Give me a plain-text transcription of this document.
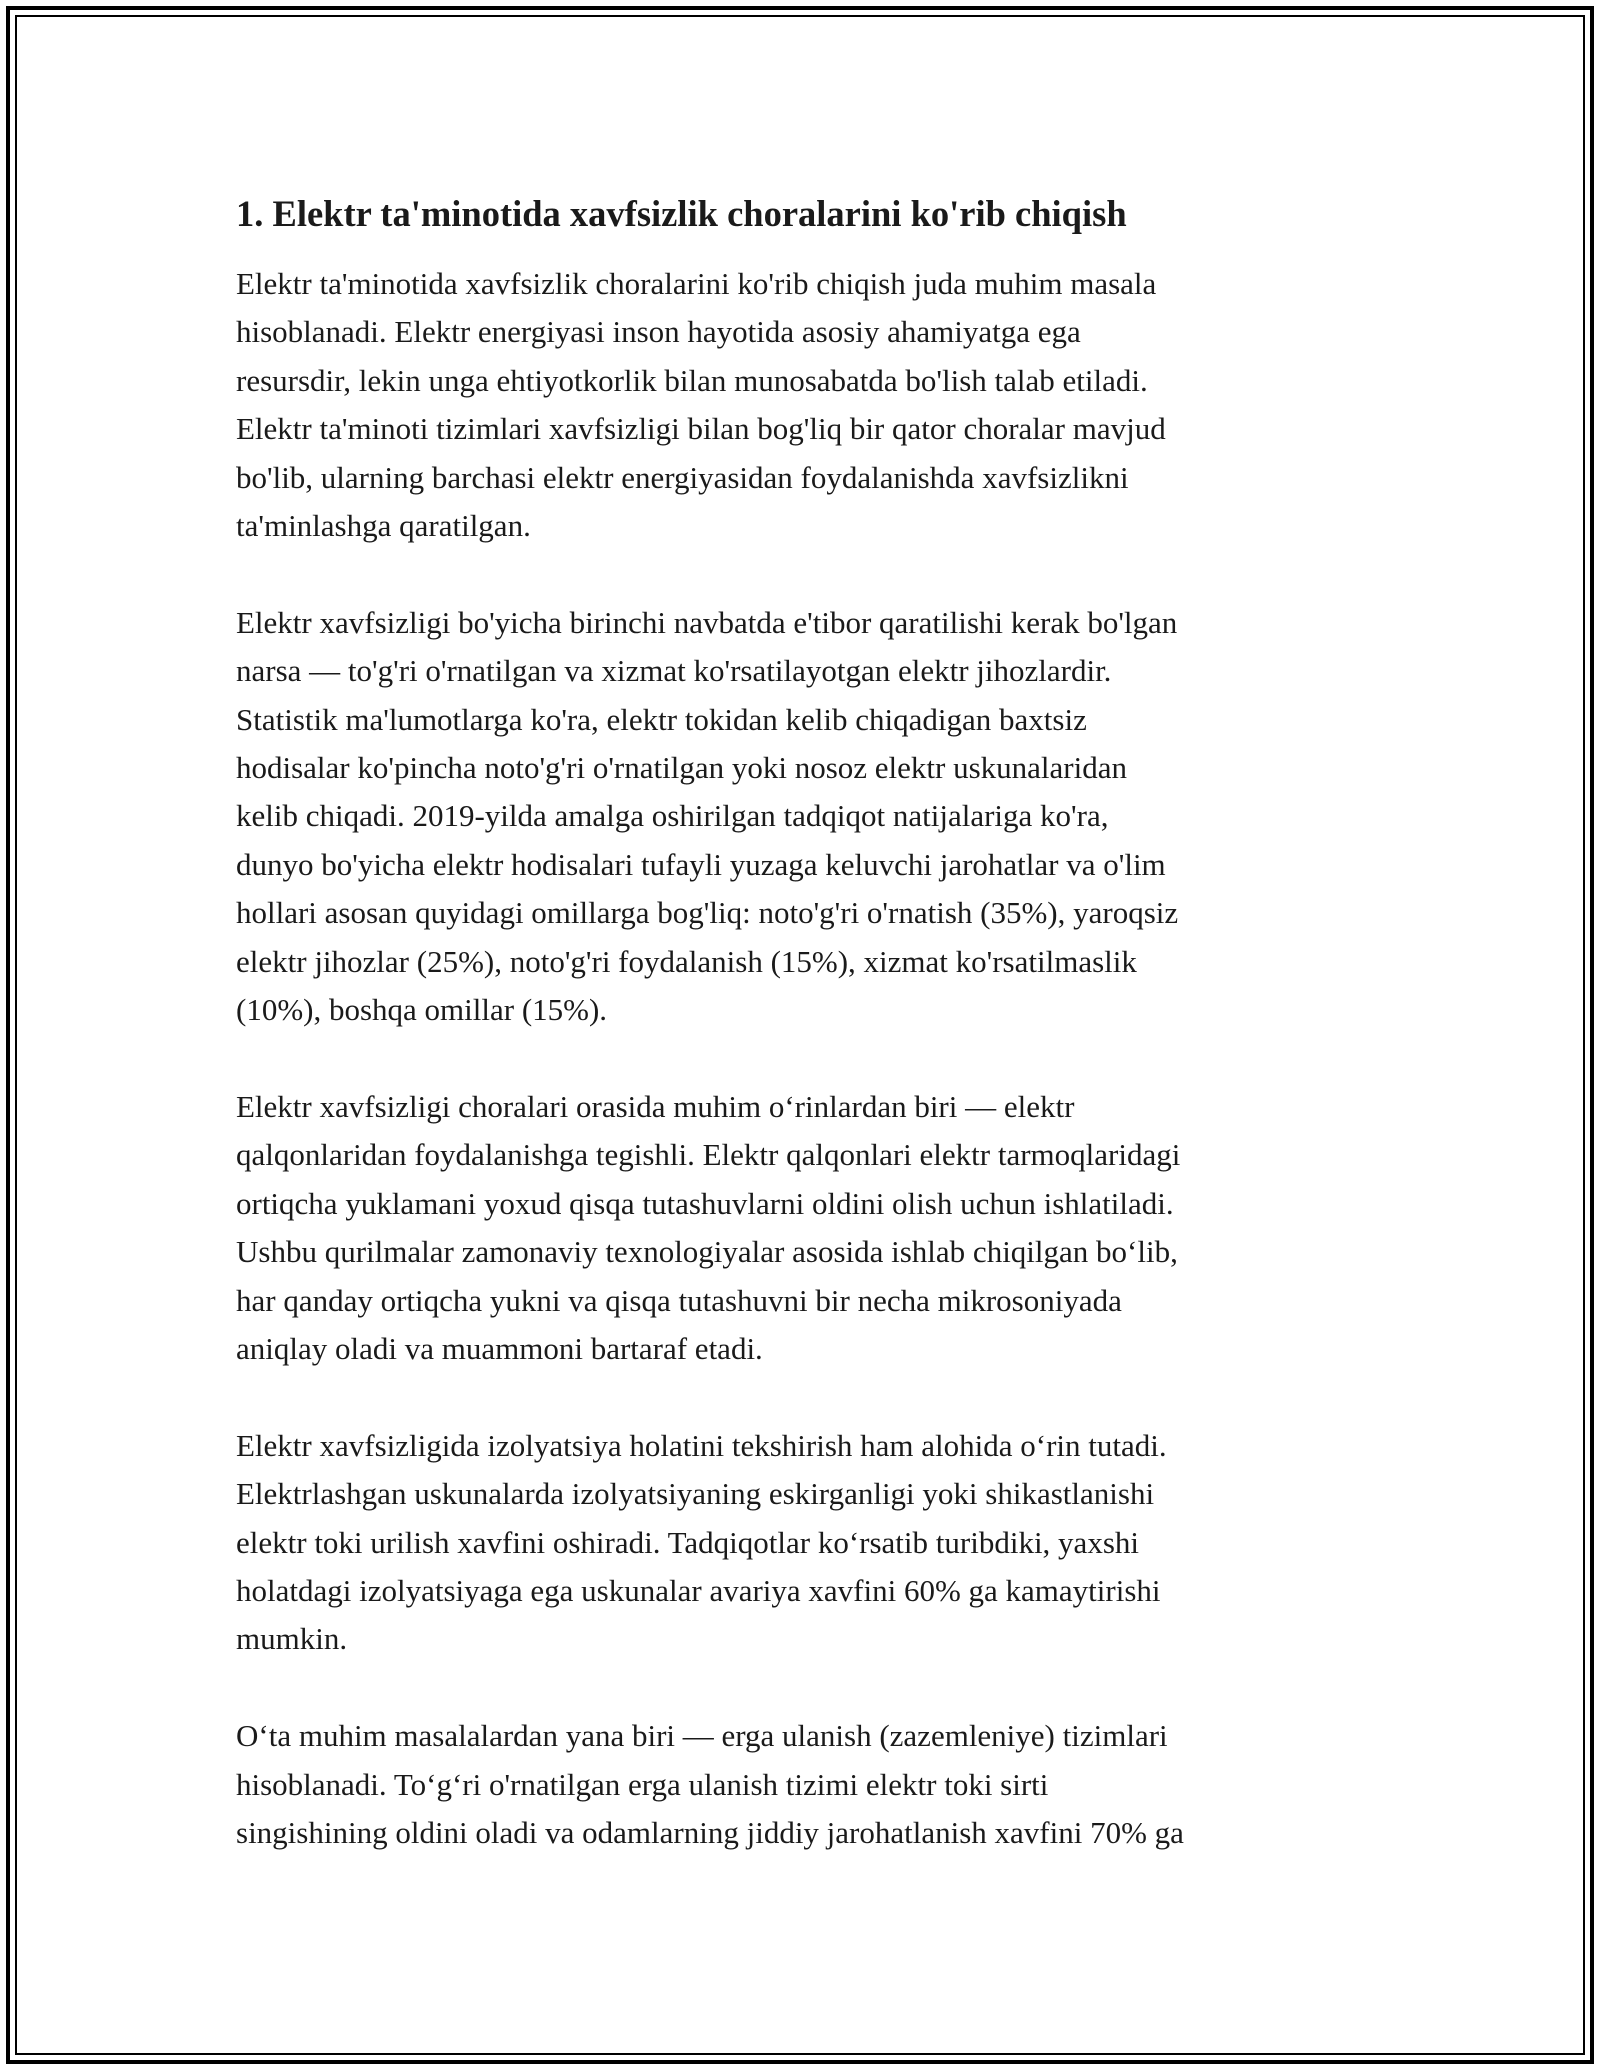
1. Elektr ta'minotida xavfsizlik choralarini ko'rib chiqish
Elektr ta'minotida xavfsizlik choralarini ko'rib chiqish juda muhim masala
hisoblanadi. Elektr energiyasi inson hayotida asosiy ahamiyatga ega
resursdir, lekin unga ehtiyotkorlik bilan munosabatda bo'lish talab etiladi.
Elektr ta'minoti tizimlari xavfsizligi bilan bog'liq bir qator choralar mavjud
bo'lib, ularning barchasi elektr energiyasidan foydalanishda xavfsizlikni
ta'minlashga qaratilgan.
Elektr xavfsizligi bo'yicha birinchi navbatda e'tibor qaratilishi kerak bo'lgan
narsa — to'g'ri o'rnatilgan va xizmat ko'rsatilayotgan elektr jihozlardir.
Statistik ma'lumotlarga ko'ra, elektr tokidan kelib chiqadigan baxtsiz
hodisalar ko'pincha noto'g'ri o'rnatilgan yoki nosoz elektr uskunalaridan
kelib chiqadi. 2019-yilda amalga oshirilgan tadqiqot natijalariga ko'ra,
dunyo bo'yicha elektr hodisalari tufayli yuzaga keluvchi jarohatlar va o'lim
hollari asosan quyidagi omillarga bog'liq: noto'g'ri o'rnatish (35%), yaroqsiz
elektr jihozlar (25%), noto'g'ri foydalanish (15%), xizmat ko'rsatilmaslik
(10%), boshqa omillar (15%).
Elektr xavfsizligi choralari orasida muhim o‘rinlardan biri — elektr
qalqonlaridan foydalanishga tegishli. Elektr qalqonlari elektr tarmoqlaridagi
ortiqcha yuklamani yoxud qisqa tutashuvlarni oldini olish uchun ishlatiladi.
Ushbu qurilmalar zamonaviy texnologiyalar asosida ishlab chiqilgan bo‘lib,
har qanday ortiqcha yukni va qisqa tutashuvni bir necha mikrosoniyada
aniqlay oladi va muammoni bartaraf etadi.
Elektr xavfsizligida izolyatsiya holatini tekshirish ham alohida o‘rin tutadi.
Elektrlashgan uskunalarda izolyatsiyaning eskirganligi yoki shikastlanishi
elektr toki urilish xavfini oshiradi. Tadqiqotlar ko‘rsatib turibdiki, yaxshi
holatdagi izolyatsiyaga ega uskunalar avariya xavfini 60% ga kamaytirishi
mumkin.
O‘ta muhim masalalardan yana biri — erga ulanish (zazemleniye) tizimlari
hisoblanadi. To‘g‘ri o'rnatilgan erga ulanish tizimi elektr toki sirti
singishining oldini oladi va odamlarning jiddiy jarohatlanish xavfini 70% ga
